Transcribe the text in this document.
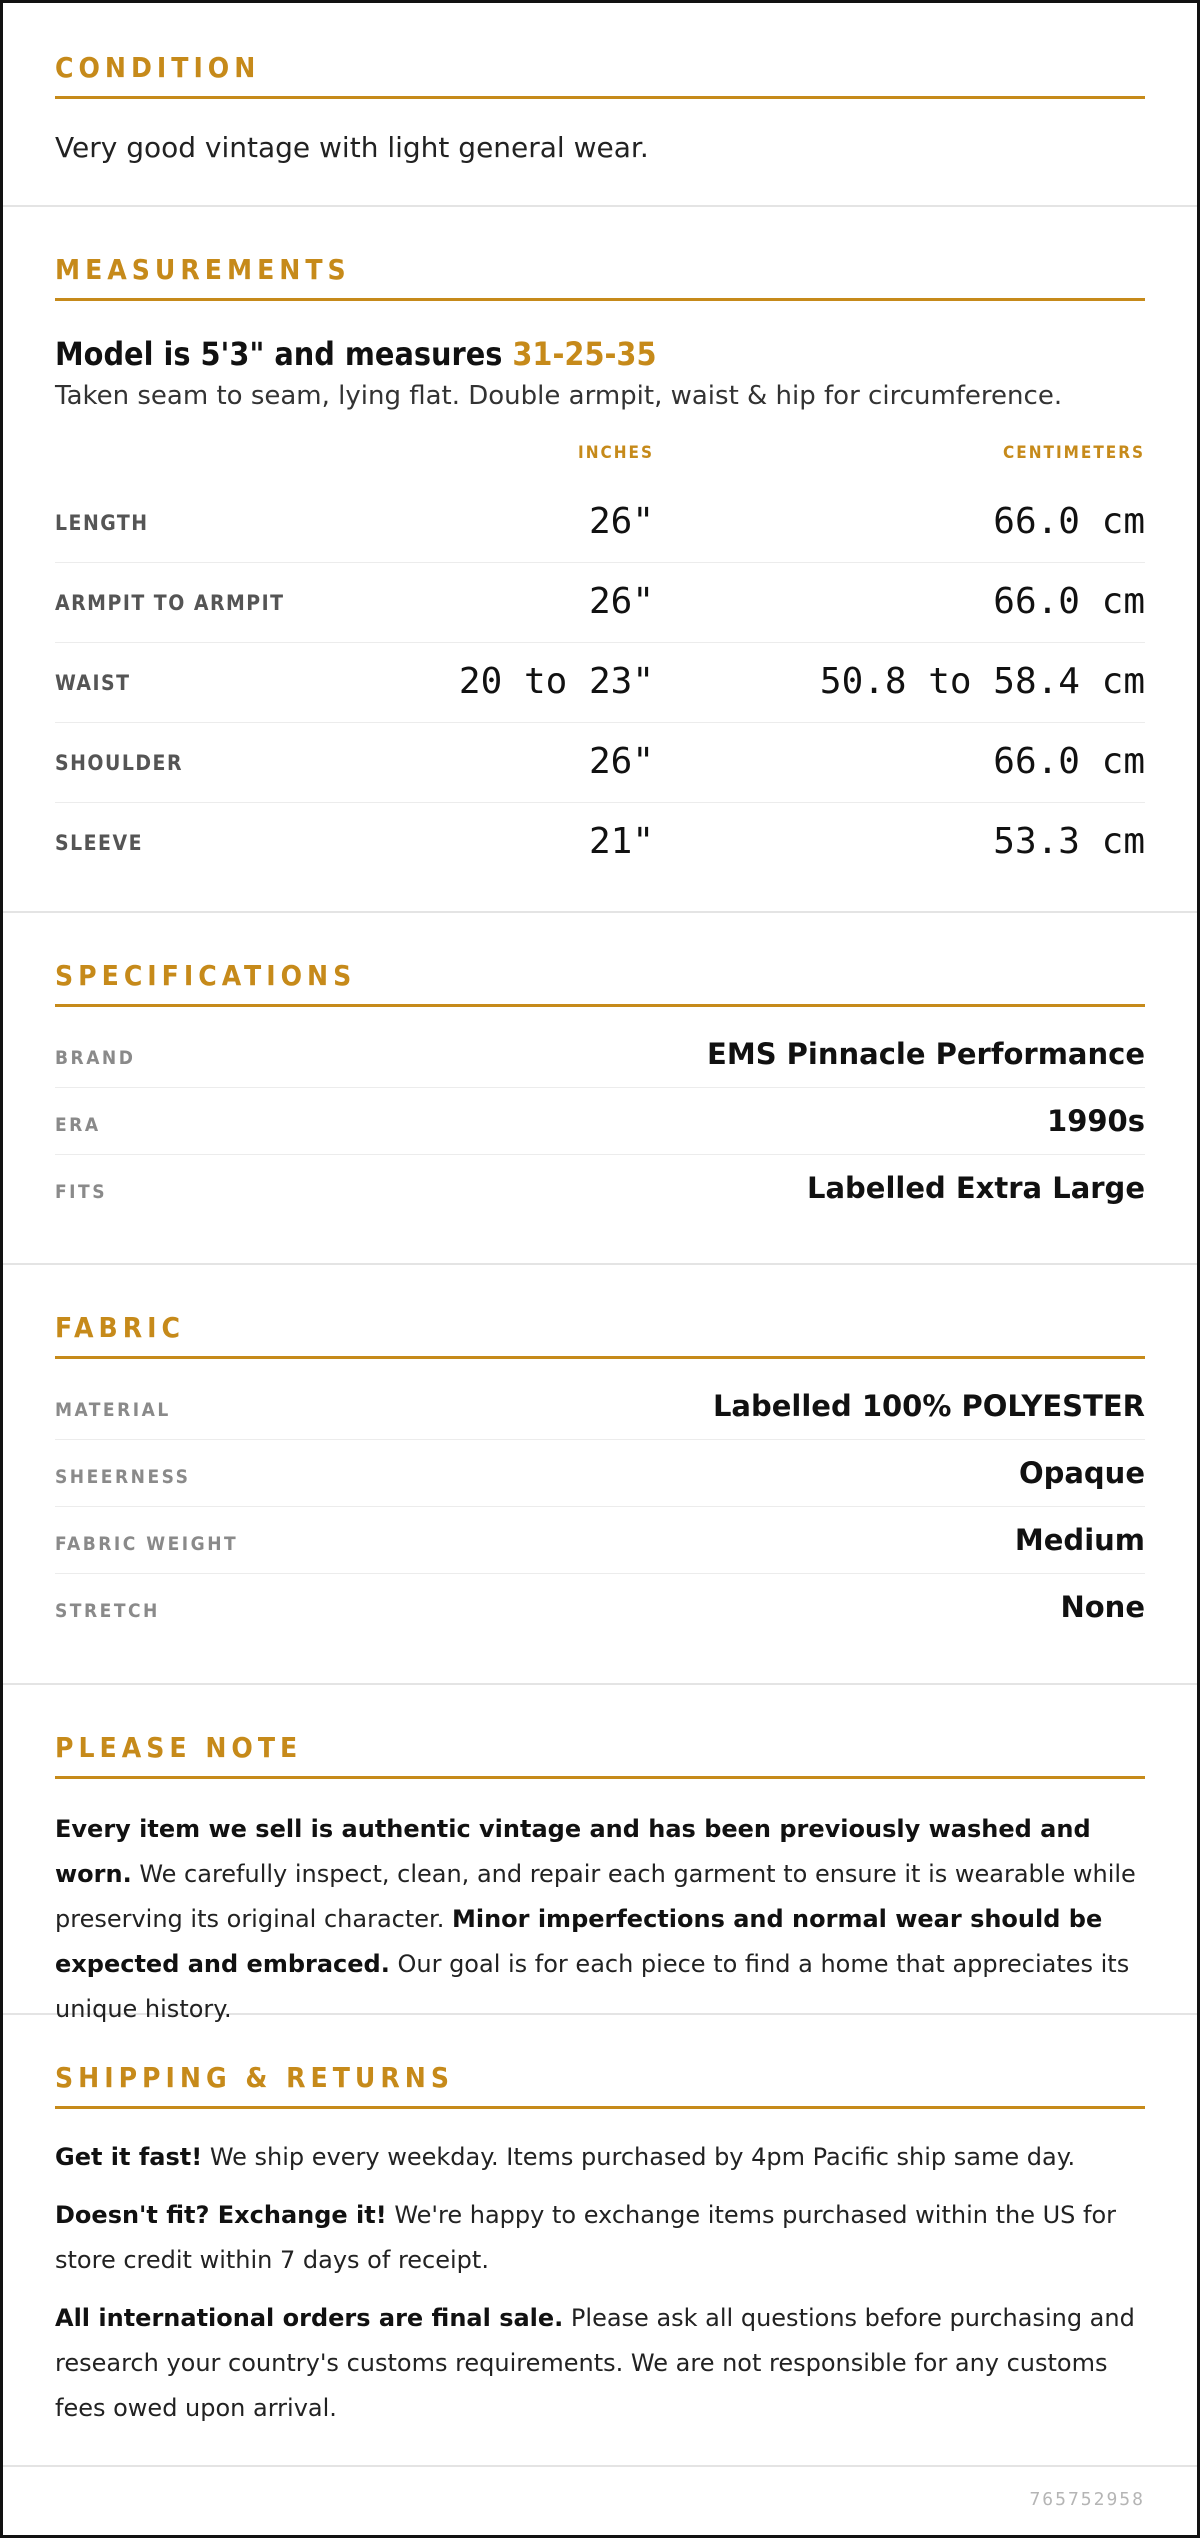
CONDITION
Very good vintage with light general wear.
MEASUREMENTS
Model is 5'3" and measures 31-25-35
Taken seam to seam, lying flat. Double armpit, waist & hip for circumference.
INCHES	CENTIMETERS
LENGTH	26"	66.0 cm
ARMPIT TO ARMPIT	26"	66.0 cm
WAIST	20 to 23"	50.8 to 58.4 cm
SHOULDER	26"	66.0 cm
SLEEVE	21"	53.3 cm
SPECIFICATIONS
BRAND	EMS Pinnacle Performance
ERA	1990s
FITS	Labelled Extra Large
FABRIC
MATERIAL	Labelled 100% POLYESTER
SHEERNESS	Opaque
FABRIC WEIGHT	Medium
STRETCH	None
PLEASE NOTE

Every item we sell is authentic vintage and has been previously washed and worn. We carefully inspect, clean, and repair each garment to ensure it is wearable while preserving its original character. Minor imperfections and normal wear should be expected and embraced. Our goal is for each piece to find a home that appreciates its unique history.

SHIPPING & RETURNS

Get it fast! We ship every weekday. Items purchased by 4pm Pacific ship same day.

Doesn't fit? Exchange it! We're happy to exchange items purchased within the US for store credit within 7 days of receipt.

All international orders are final sale. Please ask all questions before purchasing and research your country's customs requirements. We are not responsible for any customs fees owed upon arrival.

765752958
